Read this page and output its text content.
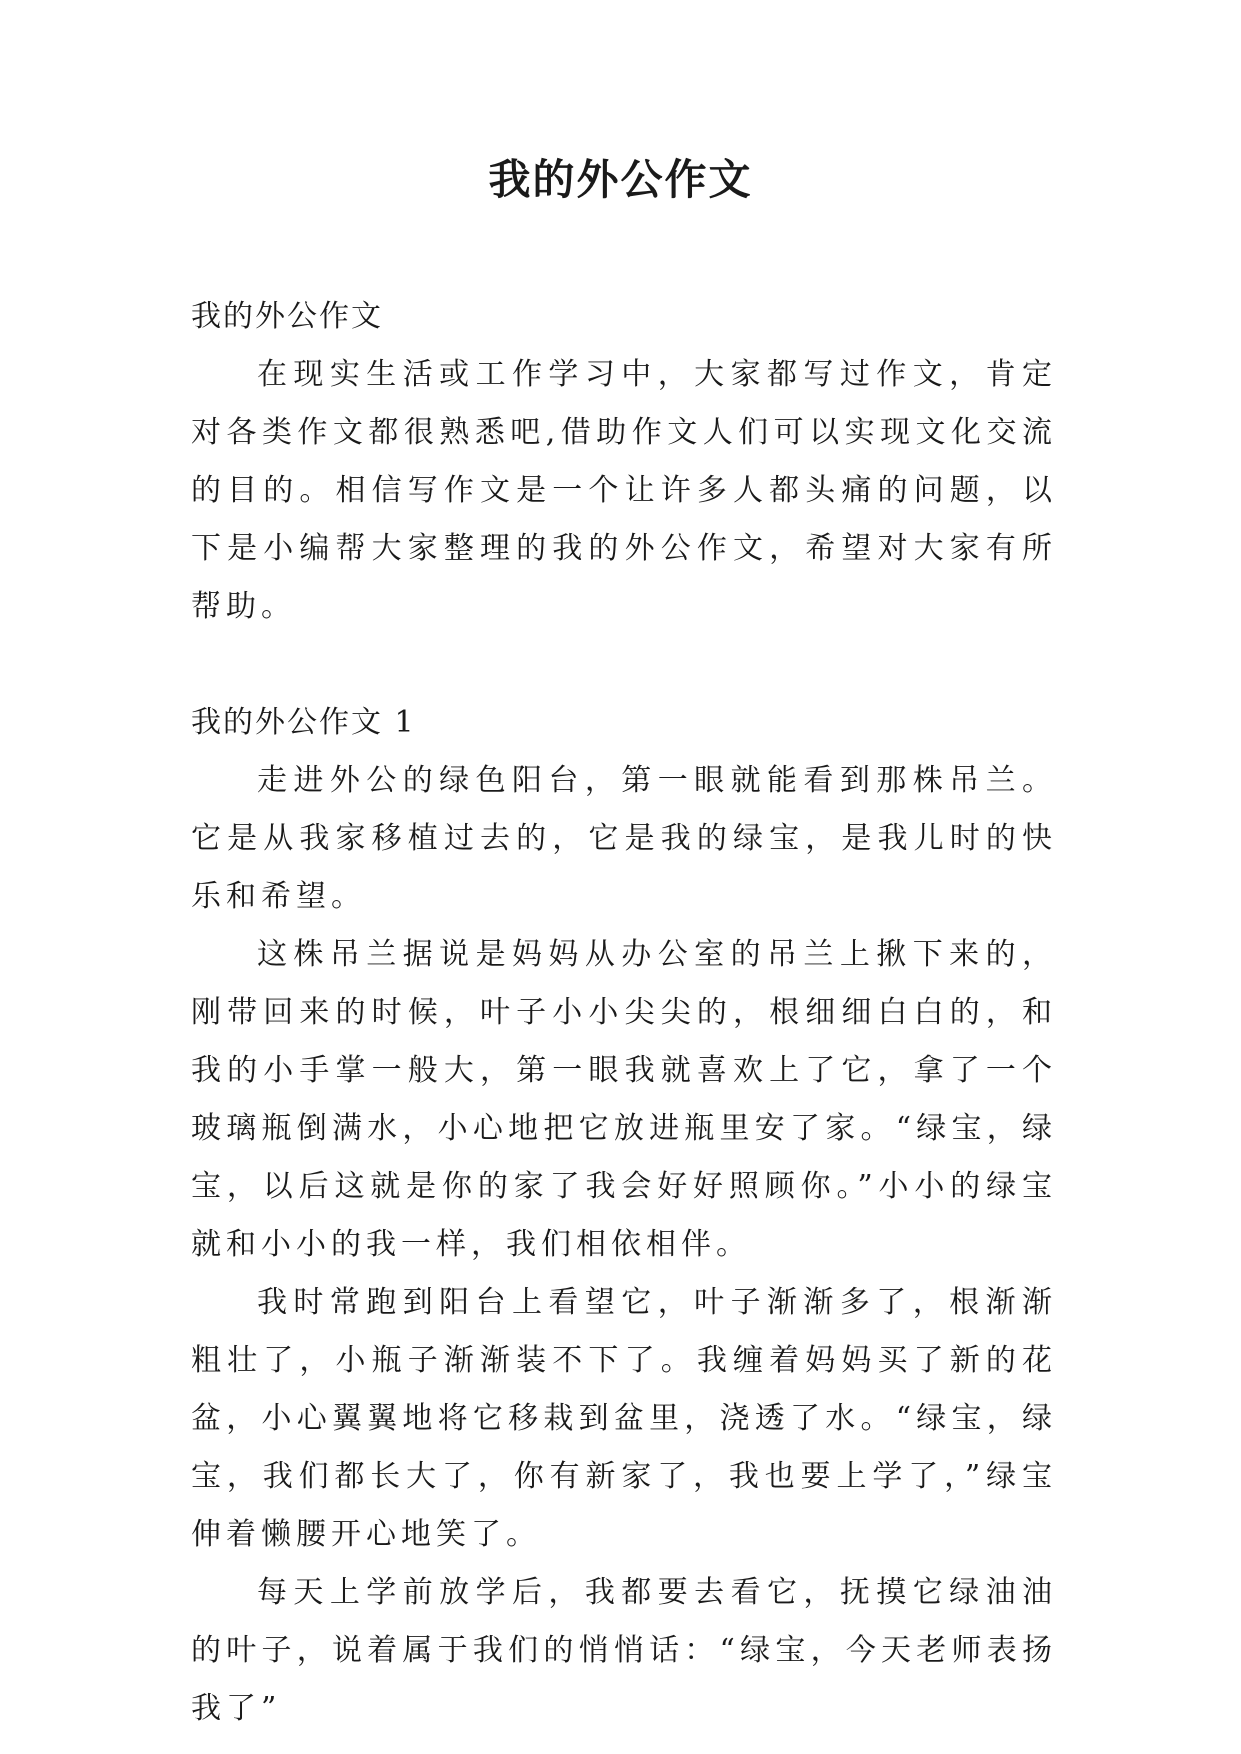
我的外公作文

我的外公作文

在现实生活或工作学习中，大家都写过作文，肯定对各类作文都很熟悉吧,借助作文人们可以实现文化交流的目的。相信写作文是一个让许多人都头痛的问题，以下是小编帮大家整理的我的外公作文，希望对大家有所帮助。

我的外公作文 1

走进外公的绿色阳台，第一眼就能看到那株吊兰。它是从我家移植过去的，它是我的绿宝，是我儿时的快乐和希望。

这株吊兰据说是妈妈从办公室的吊兰上揪下来的，刚带回来的时候，叶子小小尖尖的，根细细白白的，和我的小手掌一般大，第一眼我就喜欢上了它，拿了一个玻璃瓶倒满水，小心地把它放进瓶里安了家。“绿宝，绿宝，以后这就是你的家了我会好好照顾你。”小小的绿宝就和小小的我一样，我们相依相伴。

我时常跑到阳台上看望它，叶子渐渐多了，根渐渐粗壮了，小瓶子渐渐装不下了。我缠着妈妈买了新的花盆，小心翼翼地将它移栽到盆里，浇透了水。“绿宝，绿宝，我们都长大了，你有新家了，我也要上学了，”绿宝伸着懒腰开心地笑了。

每天上学前放学后，我都要去看它，抚摸它绿油油的叶子，说着属于我们的悄悄话：“绿宝，今天老师表扬我了”
